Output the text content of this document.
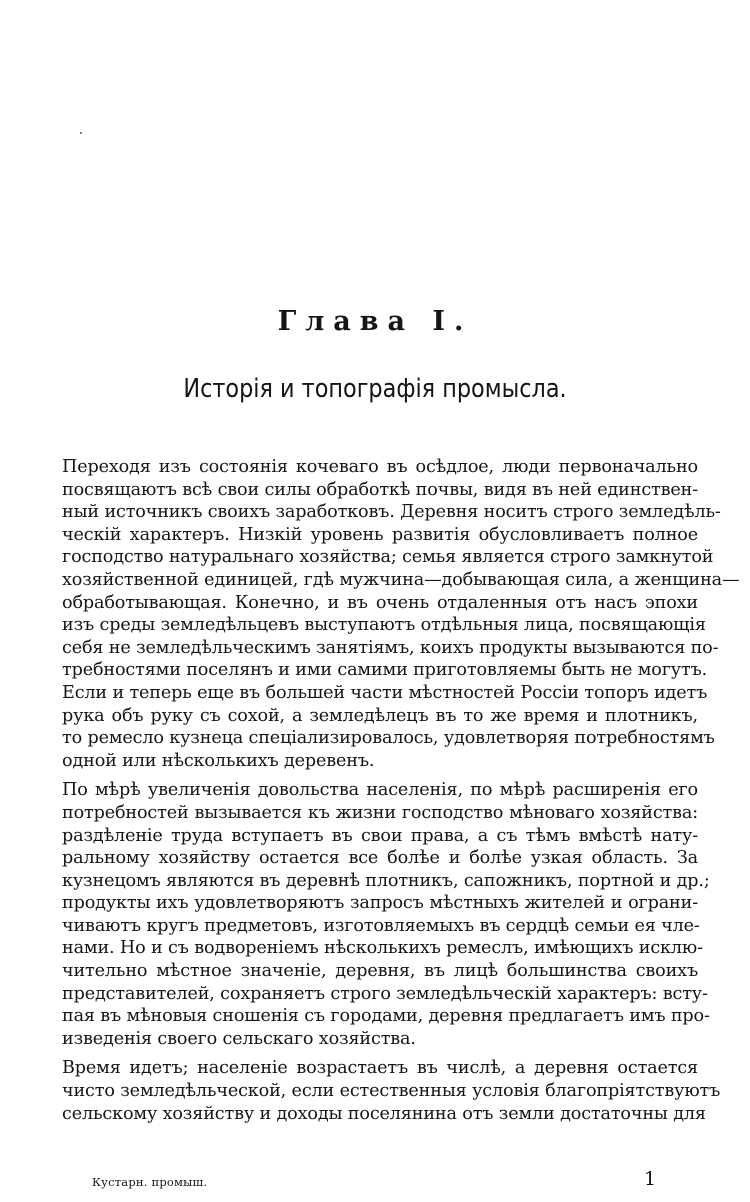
Глава I.
Исторія и топографія промысла.
Переходя изъ состоянія кочеваго въ осѣдлое, люди первоначально
посвящаютъ всѣ свои силы обработкѣ почвы, видя въ ней единствен-
ный источникъ своихъ заработковъ. Деревня носитъ строго земледѣль-
ческій характеръ. Низкій уровень развитія обусловливаетъ полное
господство натуральнаго хозяйства; семья является строго замкнутой
хозяйственной единицей, гдѣ мужчина—добывающая сила, а женщина—
обработывающая. Конечно, и въ очень отдаленныя отъ насъ эпохи
изъ среды земледѣльцевъ выступаютъ отдѣльныя лица, посвящающія
себя не земледѣльческимъ занятіямъ, коихъ продукты вызываются по-
требностями поселянъ и ими самими приготовляемы быть не могутъ.
Если и теперь еще въ большей части мѣстностей Россіи топоръ идетъ
рука объ руку съ сохой, а земледѣлецъ въ то же время и плотникъ,
то ремесло кузнеца спеціализировалось, удовлетворяя потребностямъ
одной или нѣсколькихъ деревенъ.
По мѣрѣ увеличенія довольства населенія, по мѣрѣ расширенія его
потребностей вызывается къ жизни господство мѣноваго хозяйства:
раздѣленіе труда вступаетъ въ свои права, а съ тѣмъ вмѣстѣ нату-
ральному хозяйству остается все болѣе и болѣе узкая область. За
кузнецомъ являются въ деревнѣ плотникъ, сапожникъ, портной и др.;
продукты ихъ удовлетворяютъ запросъ мѣстныхъ жителей и ограни-
чиваютъ кругъ предметовъ, изготовляемыхъ въ сердцѣ семьи ея чле-
нами. Но и съ водвореніемъ нѣсколькихъ ремеслъ, имѣющихъ исклю-
чительно мѣстное значеніе, деревня, въ лицѣ большинства своихъ
представителей, сохраняетъ строго земледѣльческій характеръ: всту-
пая въ мѣновыя сношенія съ городами, деревня предлагаетъ имъ про-
изведенія своего сельскаго хозяйства.
Время идетъ; населеніе возрастаетъ въ числѣ, а деревня остается
чисто земледѣльческой, если естественныя условія благопріятствуютъ
сельскому хозяйству и доходы поселянина отъ земли достаточны для
Кустарн. промыш.	1
